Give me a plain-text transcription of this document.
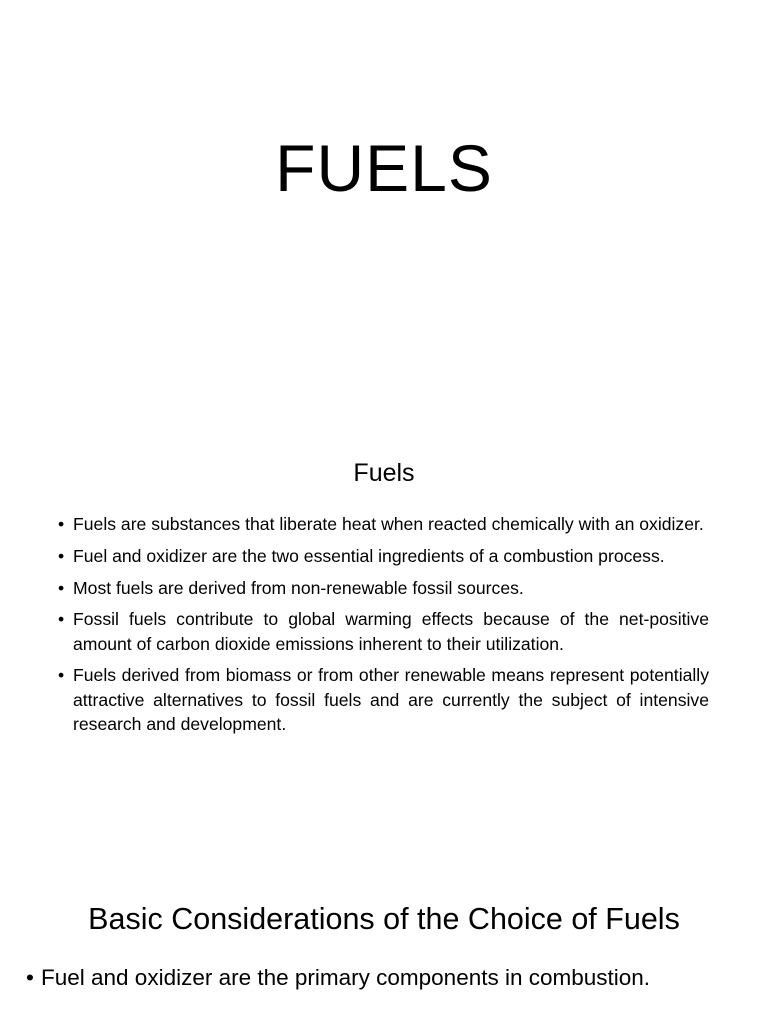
FUELS
Fuels
• Fuels are substances that liberate heat when reacted chemically with an oxidizer.
• Fuel and oxidizer are the two essential ingredients of a combustion process.
• Most fuels are derived from non-renewable fossil sources.
• Fossil fuels contribute to global warming effects because of the net-positive amount of carbon dioxide emissions inherent to their utilization.
• Fuels derived from biomass or from other renewable means represent potentially attractive alternatives to fossil fuels and are currently the subject of intensive research and development.
Basic Considerations of the Choice of Fuels
• Fuel and oxidizer are the primary components in combustion.
